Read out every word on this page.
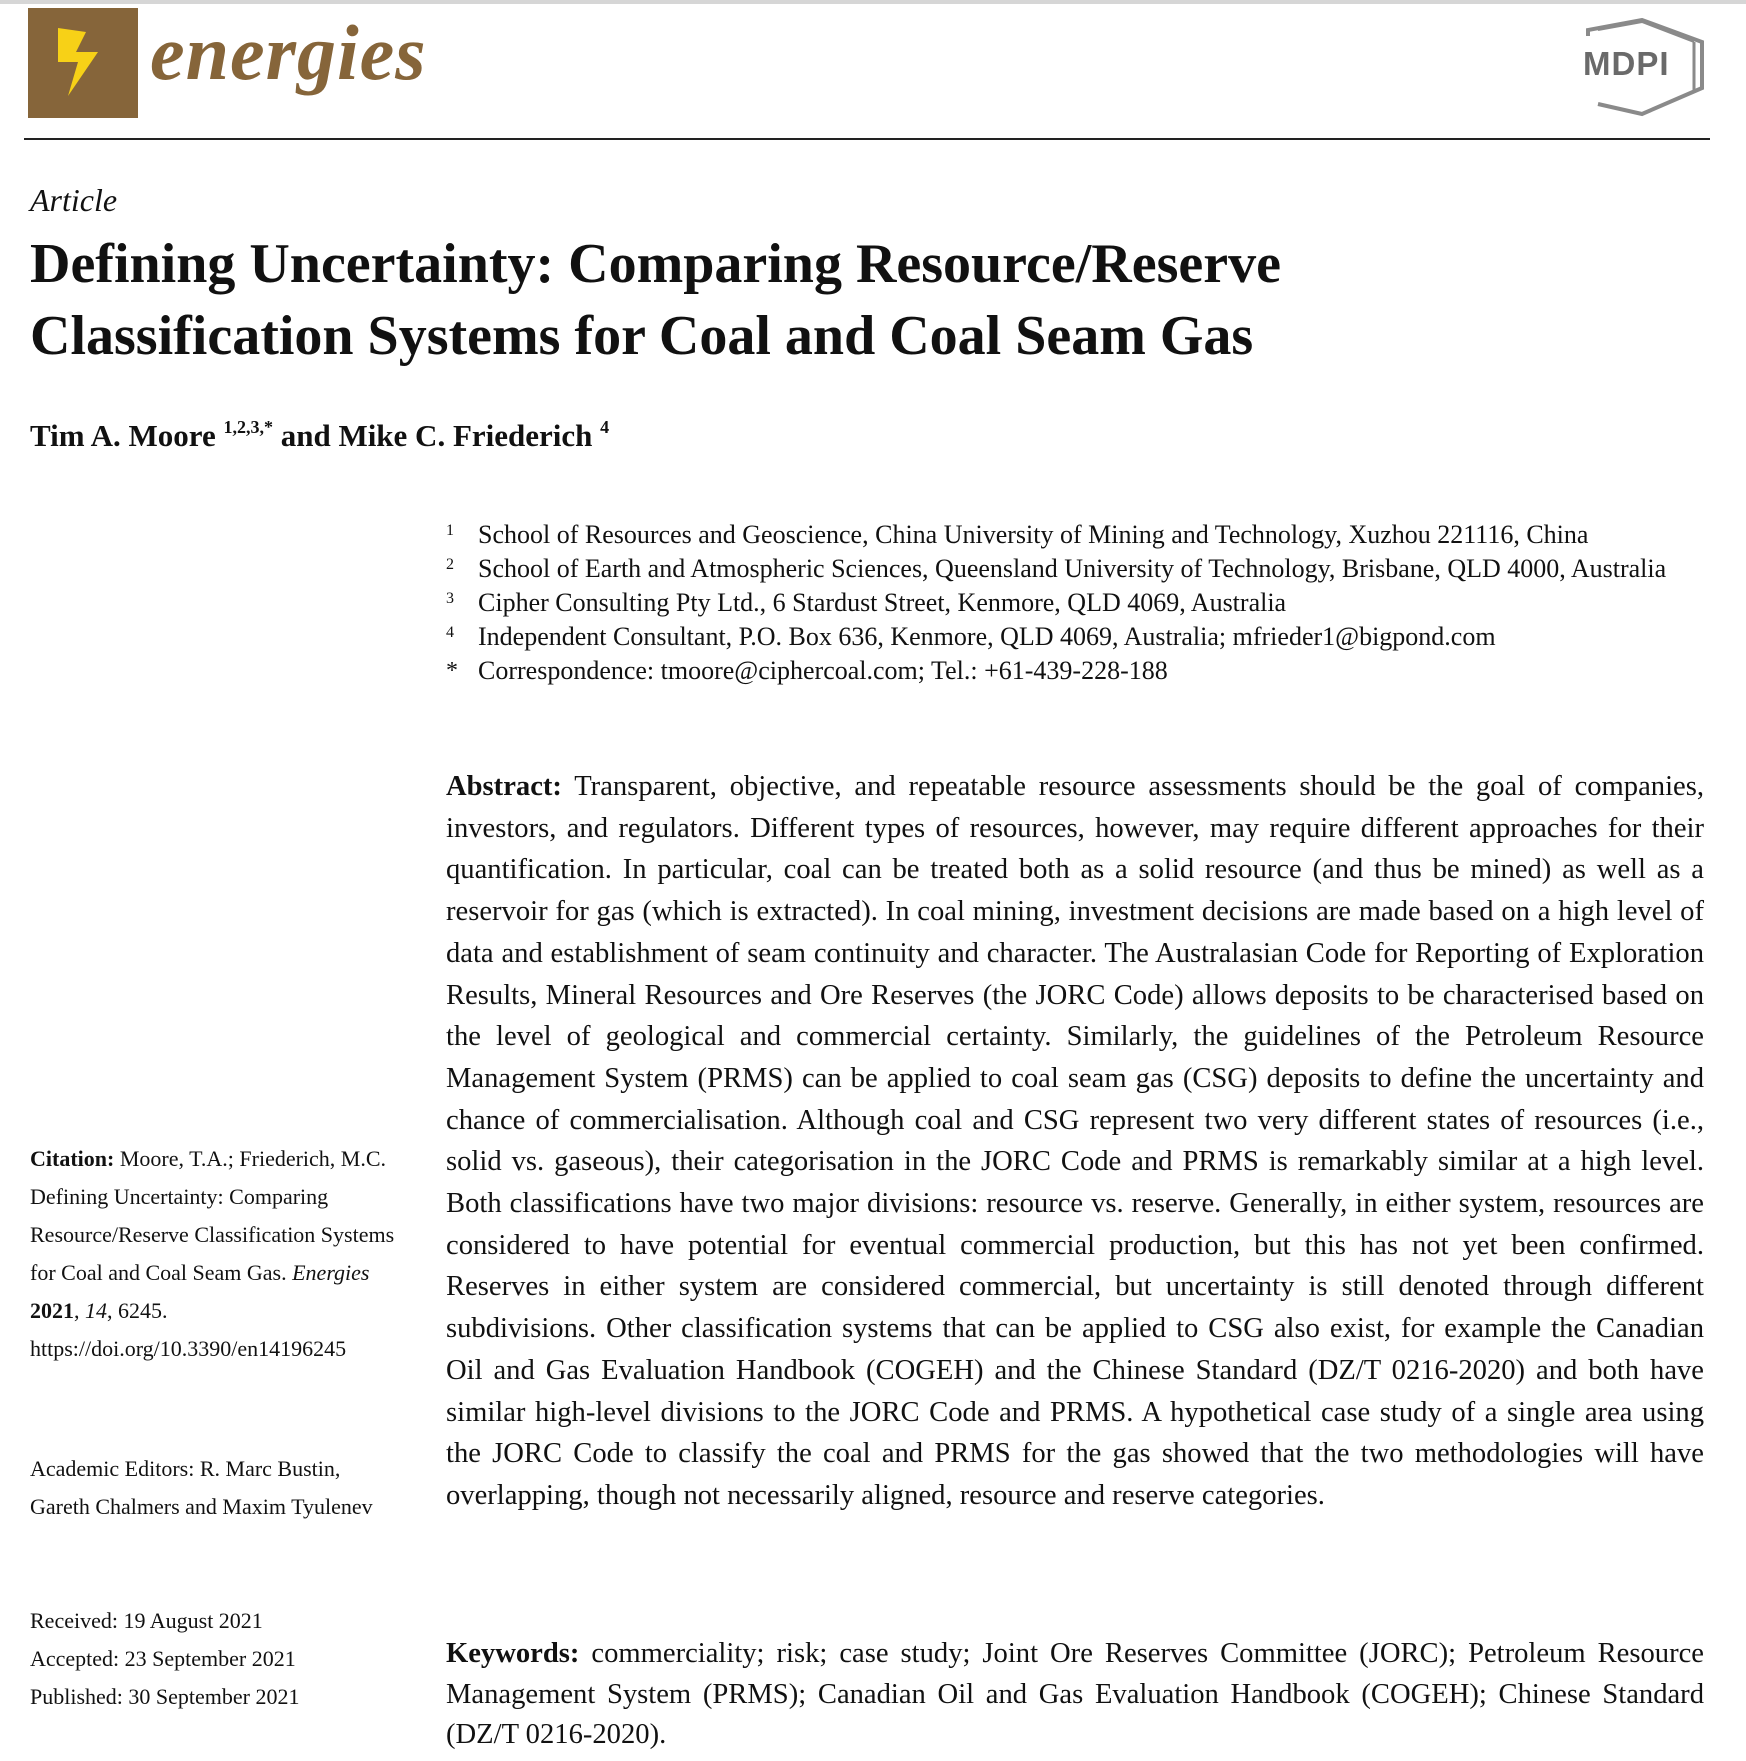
energies	MDPI
Article
Defining Uncertainty: Comparing Resource/Reserve
Classification Systems for Coal and Coal Seam Gas
Tim A. Moore $^{1,2,3,*}$ and Mike C. Friederich $^4$
1 School of Resources and Geoscience, China University of Mining and Technology, Xuzhou 221116, China
2 School of Earth and Atmospheric Sciences, Queensland University of Technology, Brisbane, QLD 4000, Australia
3 Cipher Consulting Pty Ltd., 6 Stardust Street, Kenmore, QLD 4069, Australia
4 Independent Consultant, P.O. Box 636, Kenmore, QLD 4069, Australia; mfrieder1@bigpond.com
* Correspondence: tmoore@ciphercoal.com; Tel.: +61-439-228-188
Abstract: Transparent, objective, and repeatable resource assessments should be the goal of companies, investors, and regulators. Different types of resources, however, may require different approaches for their quantification. In particular, coal can be treated both as a solid resource (and thus be mined) as well as a reservoir for gas (which is extracted). In coal mining, investment decisions are made based on a high level of data and establishment of seam continuity and character. The Australasian Code for Reporting of Exploration Results, Mineral Resources and Ore Reserves (the JORC Code) allows deposits to be characterised based on the level of geological and commercial certainty. Similarly, the guidelines of the Petroleum Resource Management System (PRMS) can be applied to coal seam gas (CSG) deposits to define the uncertainty and chance of commercialisation. Although coal and CSG represent two very different states of resources (i.e., solid vs. gaseous), their categorisation in the JORC Code and PRMS is remarkably similar at a high level. Both classifications have two major divisions: resource vs. reserve. Generally, in either system, resources are considered to have potential for eventual commercial production, but this has not yet been confirmed. Reserves in either system are considered commercial, but uncertainty is still denoted through different subdivisions. Other classification systems that can be applied to CSG also exist, for example the Canadian Oil and Gas Evaluation Handbook (COGEH) and the Chinese Standard (DZ/T 0216-2020) and both have similar high-level divisions to the JORC Code and PRMS. A hypothetical case study of a single area using the JORC Code to classify the coal and PRMS for the gas showed that the two methodologies will have overlapping, though not necessarily aligned, resource and reserve categories.
Keywords: commerciality; risk; case study; Joint Ore Reserves Committee (JORC); Petroleum Resource Management System (PRMS); Canadian Oil and Gas Evaluation Handbook (COGEH); Chinese Standard (DZ/T 0216-2020).
Citation: Moore, T.A.; Friederich, M.C. Defining Uncertainty: Comparing Resource/Reserve Classification Systems for Coal and Coal Seam Gas. Energies 2021, 14, 6245. https://doi.org/10.3390/en14196245
Academic Editors: R. Marc Bustin, Gareth Chalmers and Maxim Tyulenev
Received: 19 August 2021
Accepted: 23 September 2021
Published: 30 September 2021
